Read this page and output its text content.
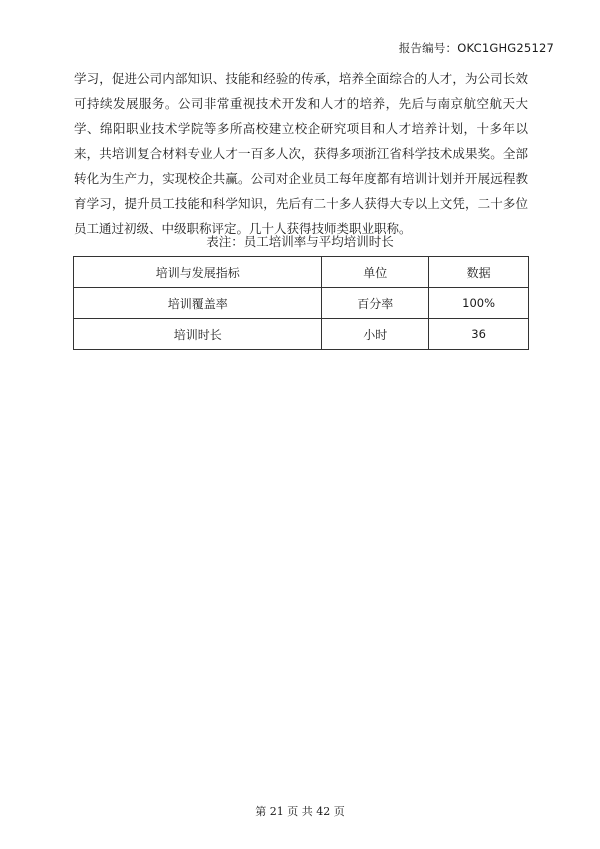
报告编号：OKC1GHG25127

学习，促进公司内部知识、技能和经验的传承，培养全面综合的人才，为公司长效可持续发展服务。公司非常重视技术开发和人才的培养，先后与南京航空航天大学、绵阳职业技术学院等多所高校建立校企研究项目和人才培养计划，十多年以来，共培训复合材料专业人才一百多人次，获得多项浙江省科学技术成果奖。全部转化为生产力，实现校企共赢。公司对企业员工每年度都有培训计划并开展远程教育学习，提升员工技能和科学知识，先后有二十多人获得大专以上文凭，二十多位员工通过初级、中级职称评定。几十人获得技师类职业职称。

表注：员工培训率与平均培训时长
培训与发展指标	单位	数据
培训覆盖率	百分率	100%
培训时长	小时	36
第 21 页 共 42 页
